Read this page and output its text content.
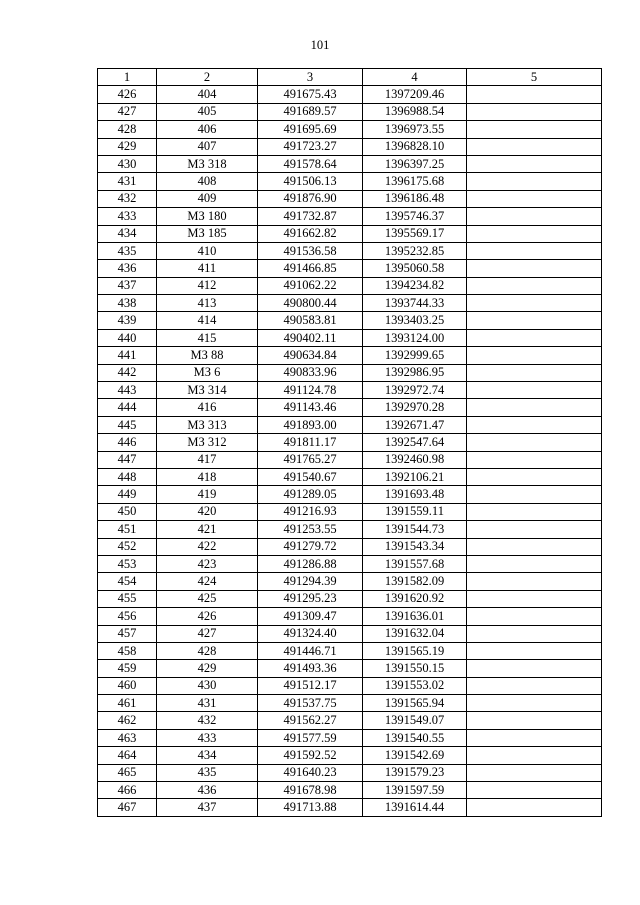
101
1	2	3	4	5
426	404	491675.43	1397209.46	
427	405	491689.57	1396988.54	
428	406	491695.69	1396973.55	
429	407	491723.27	1396828.10	
430	МЗ 318	491578.64	1396397.25	
431	408	491506.13	1396175.68	
432	409	491876.90	1396186.48	
433	МЗ 180	491732.87	1395746.37	
434	МЗ 185	491662.82	1395569.17	
435	410	491536.58	1395232.85	
436	411	491466.85	1395060.58	
437	412	491062.22	1394234.82	
438	413	490800.44	1393744.33	
439	414	490583.81	1393403.25	
440	415	490402.11	1393124.00	
441	МЗ 88	490634.84	1392999.65	
442	МЗ 6	490833.96	1392986.95	
443	МЗ 314	491124.78	1392972.74	
444	416	491143.46	1392970.28	
445	МЗ 313	491893.00	1392671.47	
446	МЗ 312	491811.17	1392547.64	
447	417	491765.27	1392460.98	
448	418	491540.67	1392106.21	
449	419	491289.05	1391693.48	
450	420	491216.93	1391559.11	
451	421	491253.55	1391544.73	
452	422	491279.72	1391543.34	
453	423	491286.88	1391557.68	
454	424	491294.39	1391582.09	
455	425	491295.23	1391620.92	
456	426	491309.47	1391636.01	
457	427	491324.40	1391632.04	
458	428	491446.71	1391565.19	
459	429	491493.36	1391550.15	
460	430	491512.17	1391553.02	
461	431	491537.75	1391565.94	
462	432	491562.27	1391549.07	
463	433	491577.59	1391540.55	
464	434	491592.52	1391542.69	
465	435	491640.23	1391579.23	
466	436	491678.98	1391597.59	
467	437	491713.88	1391614.44	
